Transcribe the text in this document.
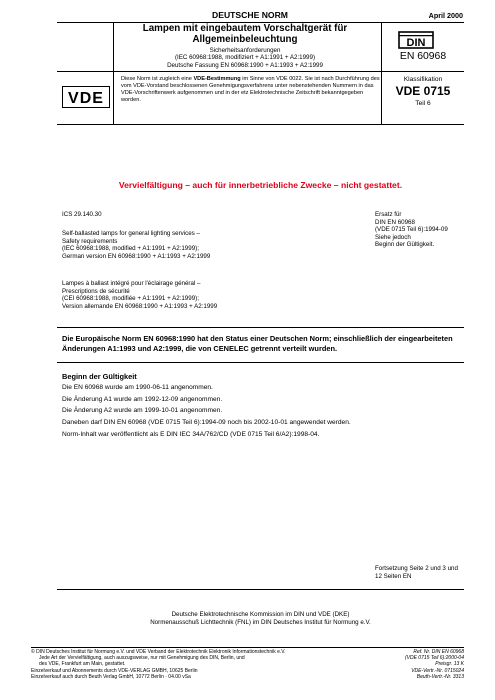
DEUTSCHE NORM	April 2000
Lampen mit eingebautem Vorschaltgerät für Allgemeinbeleuchtung
Sicherheitsanforderungen
(IEC 60968:1988, modifiziert + A1:1991 + A2:1999)
Deutsche Fassung EN 60968:1990 + A1:1993 + A2:1999
DIN
EN 60968
VDE
Diese Norm ist zugleich eine VDE-Bestimmung im Sinne von VDE 0022. Sie ist nach Durchführung des vom VDE-Vorstand beschlossenen Genehmigungsverfahrens unter nebenstehenden Nummern in das VDE-Vorschriftenwerk aufgenommen und in der etz Elektrotechnische Zeitschrift bekanntgegeben worden.
Klassifikation
VDE 0715
Teil 6
Vervielfältigung – auch für innerbetriebliche Zwecke – nicht gestattet.
ICS 29.140.30
Self-ballasted lamps for general lighting services –
Safety requirements
(IEC 60968:1988, modified + A1:1991 + A2:1999);
German version EN 60968:1990 + A1:1993 + A2:1999
Lampes à ballast intégré pour l'éclairage général –
Prescriptions de sécurité
(CEI 60968:1988, modifiée + A1:1991 + A2:1999);
Version allemande EN 60968:1990 + A1:1993 + A2:1999
Ersatz für
DIN EN 60968
(VDE 0715 Teil 6):1994-09
Siehe jedoch
Beginn der Gültigkeit.
Die Europäische Norm EN 60968:1990 hat den Status einer Deutschen Norm; einschließlich der eingearbeiteten Änderungen A1:1993 und A2:1999, die von CENELEC getrennt verteilt wurden.
Beginn der Gültigkeit
Die EN 60968 wurde am 1990-06-11 angenommen.
Die Änderung A1 wurde am 1992-12-09 angenommen.
Die Änderung A2 wurde am 1999-10-01 angenommen.
Daneben darf DIN EN 60968 (VDE 0715 Teil 6):1994-09 noch bis 2002-10-01 angewendet werden.
Norm-Inhalt war veröffentlicht als E DIN IEC 34A/762/CD (VDE 0715 Teil 6/A2):1998-04.
Fortsetzung Seite 2 und 3 und
12 Seiten EN
Deutsche Elektrotechnische Kommission im DIN und VDE (DKE)
Normenausschuß Lichttechnik (FNL) im DIN Deutsches Institut für Normung e.V.
© DIN Deutsches Institut für Normung e.V. und VDE Verband der Elektrotechnik Elektronik Informationstechnik e.V.
Jede Art der Vervielfältigung, auch auszugsweise, nur mit Genehmigung des DIN, Berlin, und
des VDE, Frankfurt am Main, gestattet.
Einzelverkauf und Abonnements durch VDE-VERLAG GMBH, 10625 Berlin
Einzelverkauf auch durch Beuth Verlag GmbH, 10772 Berlin · 04.00 vSa
Ref. Nr. DIN EN 60968
(VDE 0715 Teil 6):2000-04
Preisgr. 13 K
VDE-Vertr.-Nr. 0715024
Beuth-Vertr.-Nr. 3313
